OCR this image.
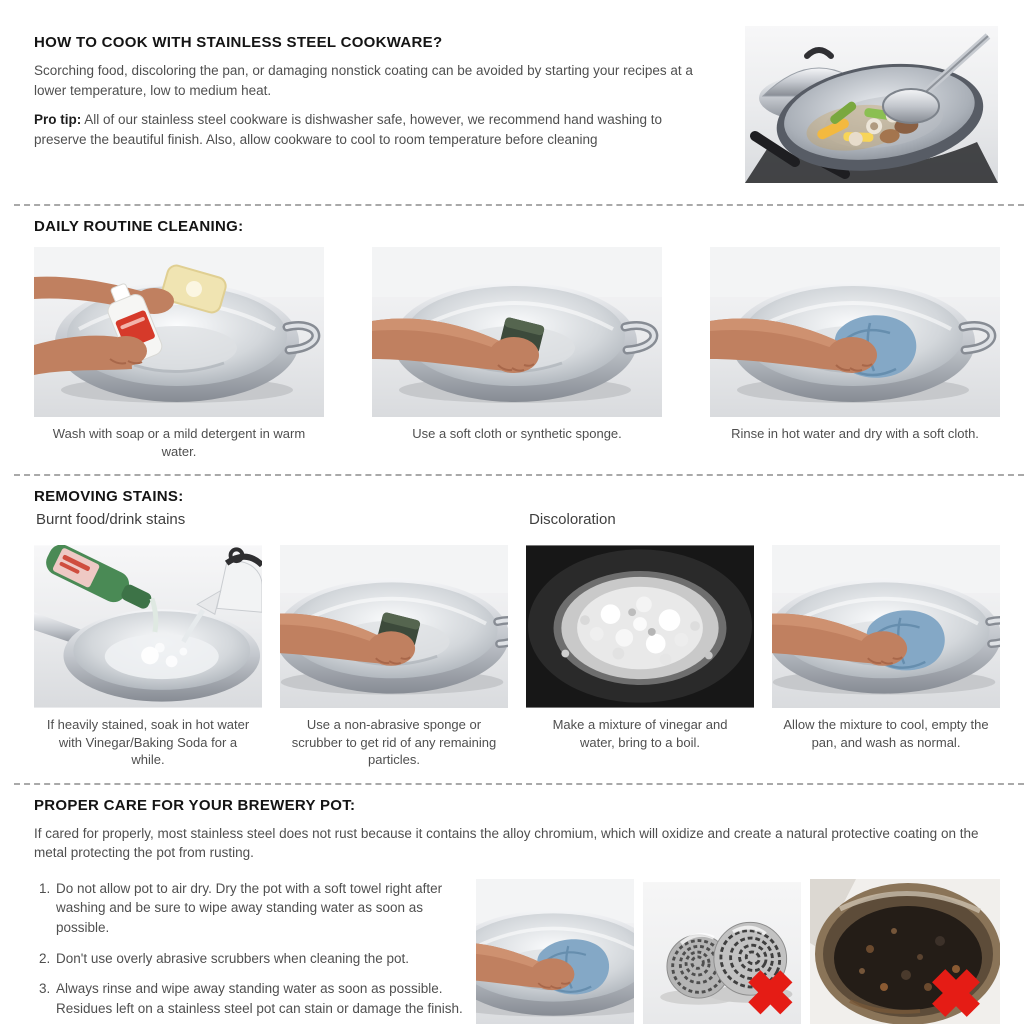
HOW TO COOK WITH STAINLESS STEEL COOKWARE?

Scorching food, discoloring the pan, or damaging nonstick coating can be avoided by starting your recipes at a lower temperature, low to medium heat.

Pro tip: All of our stainless steel cookware is dishwasher safe, however, we recommend hand washing to preserve the beautiful finish. Also, allow cookware to cool to room temperature before cleaning

DAILY ROUTINE CLEANING:
Wash with soap or a mild detergent in warm water.
Use a soft cloth or synthetic sponge.	Rinse in hot water and dry with a soft cloth.
REMOVING STAINS:
Burnt food/drink stains	Discoloration
If heavily stained, soak in hot water with Vinegar/Baking Soda for a while.
Use a non-abrasive sponge or scrubber to get rid of any remaining particles.
Make a mixture of vinegar and water, bring to a boil.
Allow the mixture to cool, empty the pan, and wash as normal.
PROPER CARE FOR YOUR BREWERY POT:

If cared for properly, most stainless steel does not rust because it contains the alloy chromium, which will oxidize and create a natural protective coating on the metal protecting the pot from rusting.

1. Do not allow pot to air dry. Dry the pot with a soft towel right after washing and be sure to wipe away standing water as soon as possible.
2. Don't use overly abrasive scrubbers when cleaning the pot.
3. Always rinse and wipe away standing water as soon as possible. Residues left on a stainless steel pot can stain or damage the finish.
